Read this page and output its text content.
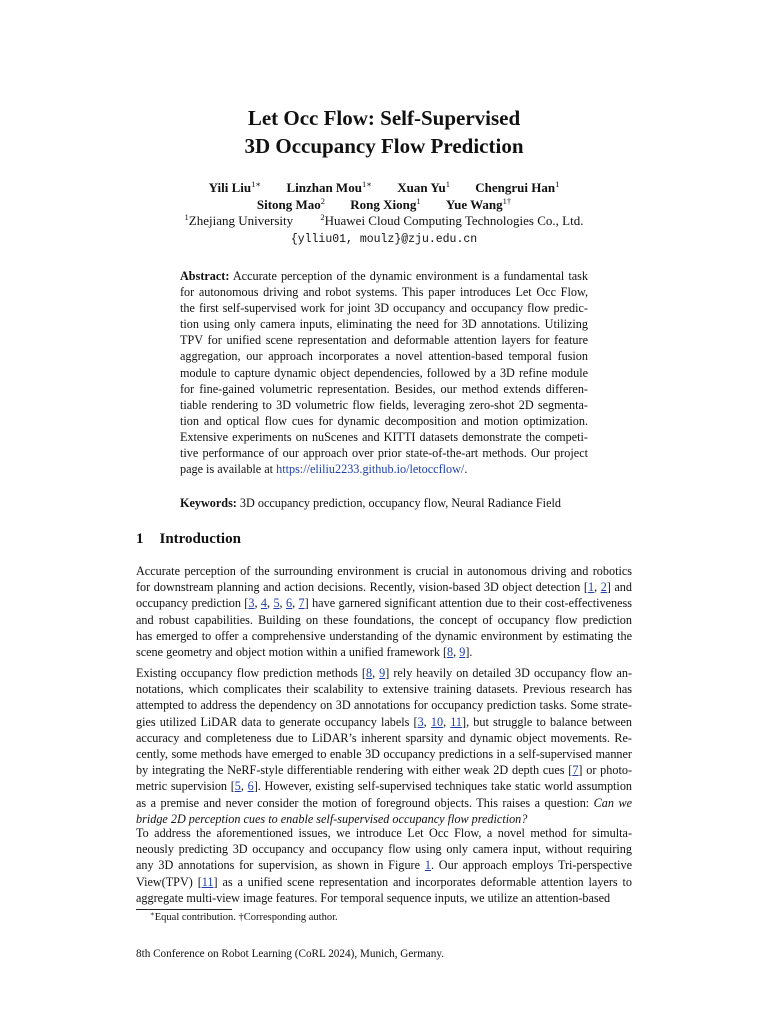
Let Occ Flow: Self-Supervised
3D Occupancy Flow Prediction
Yili Liu$^{1∗}$ Linzhan Mou$^{1∗}$ Xuan Yu$^1$ Chengrui Han$^1$
Sitong Mao$^2$ Rong Xiong$^1$ Yue Wang$^{1\dagger}$
$^1$Zhejiang University	$^2$Huawei Cloud Computing Technologies Co., Ltd.
{ylliu01, moulz}@zju.edu.cn
Abstract: Accurate perception of the dynamic environment is a fundamental task
for autonomous driving and robot systems. This paper introduces Let Occ Flow,
the first self-supervised work for joint 3D occupancy and occupancy flow predic-
tion using only camera inputs, eliminating the need for 3D annotations. Utilizing
TPV for unified scene representation and deformable attention layers for feature
aggregation, our approach incorporates a novel attention-based temporal fusion
module to capture dynamic object dependencies, followed by a 3D refine module
for fine-gained volumetric representation. Besides, our method extends differen-
tiable rendering to 3D volumetric flow fields, leveraging zero-shot 2D segmenta-
tion and optical flow cues for dynamic decomposition and motion optimization.
Extensive experiments on nuScenes and KITTI datasets demonstrate the competi-
tive performance of our approach over prior state-of-the-art methods. Our project
page is available at https://eliliu2233.github.io/letoccflow/.
Keywords: 3D occupancy prediction, occupancy flow, Neural Radiance Field
1 Introduction
Accurate perception of the surrounding environment is crucial in autonomous driving and robotics
for downstream planning and action decisions. Recently, vision-based 3D object detection [1, 2] and
occupancy prediction [3, 4, 5, 6, 7] have garnered significant attention due to their cost-effectiveness
and robust capabilities. Building on these foundations, the concept of occupancy flow prediction
has emerged to offer a comprehensive understanding of the dynamic environment by estimating the
scene geometry and object motion within a unified framework [8, 9].
Existing occupancy flow prediction methods [8, 9] rely heavily on detailed 3D occupancy flow an-
notations, which complicates their scalability to extensive training datasets. Previous research has
attempted to address the dependency on 3D annotations for occupancy prediction tasks. Some strate-
gies utilized LiDAR data to generate occupancy labels [3, 10, 11], but struggle to balance between
accuracy and completeness due to LiDAR’s inherent sparsity and dynamic object movements. Re-
cently, some methods have emerged to enable 3D occupancy predictions in a self-supervised manner
by integrating the NeRF-style differentiable rendering with either weak 2D depth cues [7] or photo-
metric supervision [5, 6]. However, existing self-supervised techniques take static world assumption
as a premise and never consider the motion of foreground objects. This raises a question: Can we
bridge 2D perception cues to enable self-supervised occupancy flow prediction?
To address the aforementioned issues, we introduce Let Occ Flow, a novel method for simulta-
neously predicting 3D occupancy and occupancy flow using only camera input, without requiring
any 3D annotations for supervision, as shown in Figure 1. Our approach employs Tri-perspective
View(TPV) [11] as a unified scene representation and incorporates deformable attention layers to
aggregate multi-view image features. For temporal sequence inputs, we utilize an attention-based
∗Equal contribution. †Corresponding author.
8th Conference on Robot Learning (CoRL 2024), Munich, Germany.
